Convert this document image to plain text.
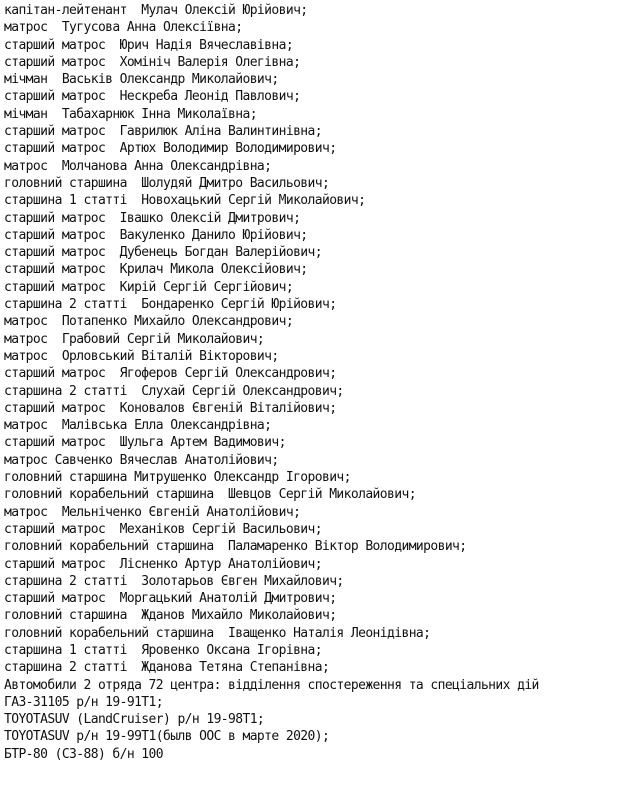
капітан-лейтенант  Мулач Олексій Юрійович;
матрос  Тугусова Анна Олексіївна;
старший матрос  Юрич Надія Вячеславівна;
старший матрос  Хомініч Валерія Олегівна;
мічман  Васьків Олександр Миколайович;
старший матрос  Нескреба Леонід Павлович;
мічман  Табахарнюк Інна Миколаївна;
старший матрос  Гаврилюк Аліна Валинтинівна;
старший матрос  Артюх Володимир Володимирович;
матрос  Молчанова Анна Олександрівна;
головний старшина  Шолудяй Дмитро Васильович;
старшина 1 статті  Новохацький Сергій Миколайович;
старший матрос  Івашко Олексій Дмитрович;
старший матрос  Вакуленко Данило Юрійович;
старший матрос  Дубенець Богдан Валерійович;
старший матрос  Крилач Микола Олексійович;
старший матрос  Кирій Сергій Сергійович;
старшина 2 статті  Бондаренко Сергій Юрійович;
матрос  Потапенко Михайло Олександрович;
матрос  Грабовий Сергій Миколайович;
матрос  Орловський Віталій Вікторович;
старший матрос  Ягоферов Сергій Олександрович;
старшина 2 статті  Слухай Сергій Олександрович;
старший матрос  Коновалов Євгеній Віталійович;
матрос  Малівська Елла Олександрівна;
старший матрос  Шульга Артем Вадимович;
матрос Савченко Вячеслав Анатолійович;
головний старшина Митрушенко Олександр Ігорович;
головний корабельний старшина  Шевцов Сергій Миколайович;
матрос  Мельніченко Євгеній Анатолійович;
старший матрос  Механіков Сергій Васильович;
головний корабельний старшина  Паламаренко Віктор Володимирович;
старший матрос  Лісненко Артур Анатолійович;
старшина 2 статті  Золотарьов Євген Михайлович;
старший матрос  Моргацький Анатолій Дмитрович;
головний старшина  Жданов Михайло Миколайович;
головний корабельний старшина  Іващенко Наталія Леонідівна;
старшина 1 статті  Яровенко Оксана Ігорівна;
старшина 2 статті  Жданова Тетяна Степанівна;
Автомобили 2 отряда 72 центра: відділення спостереження та спеціальних дій
ГАЗ-31105 р/н 19-91Т1;
TOYOTASUV (LandCruiser) р/н 19-98Т1;
TOYOTASUV р/н 19-99Т1(былв ООС в марте 2020);
БТР-80 (СЗ-88) б/н 100
